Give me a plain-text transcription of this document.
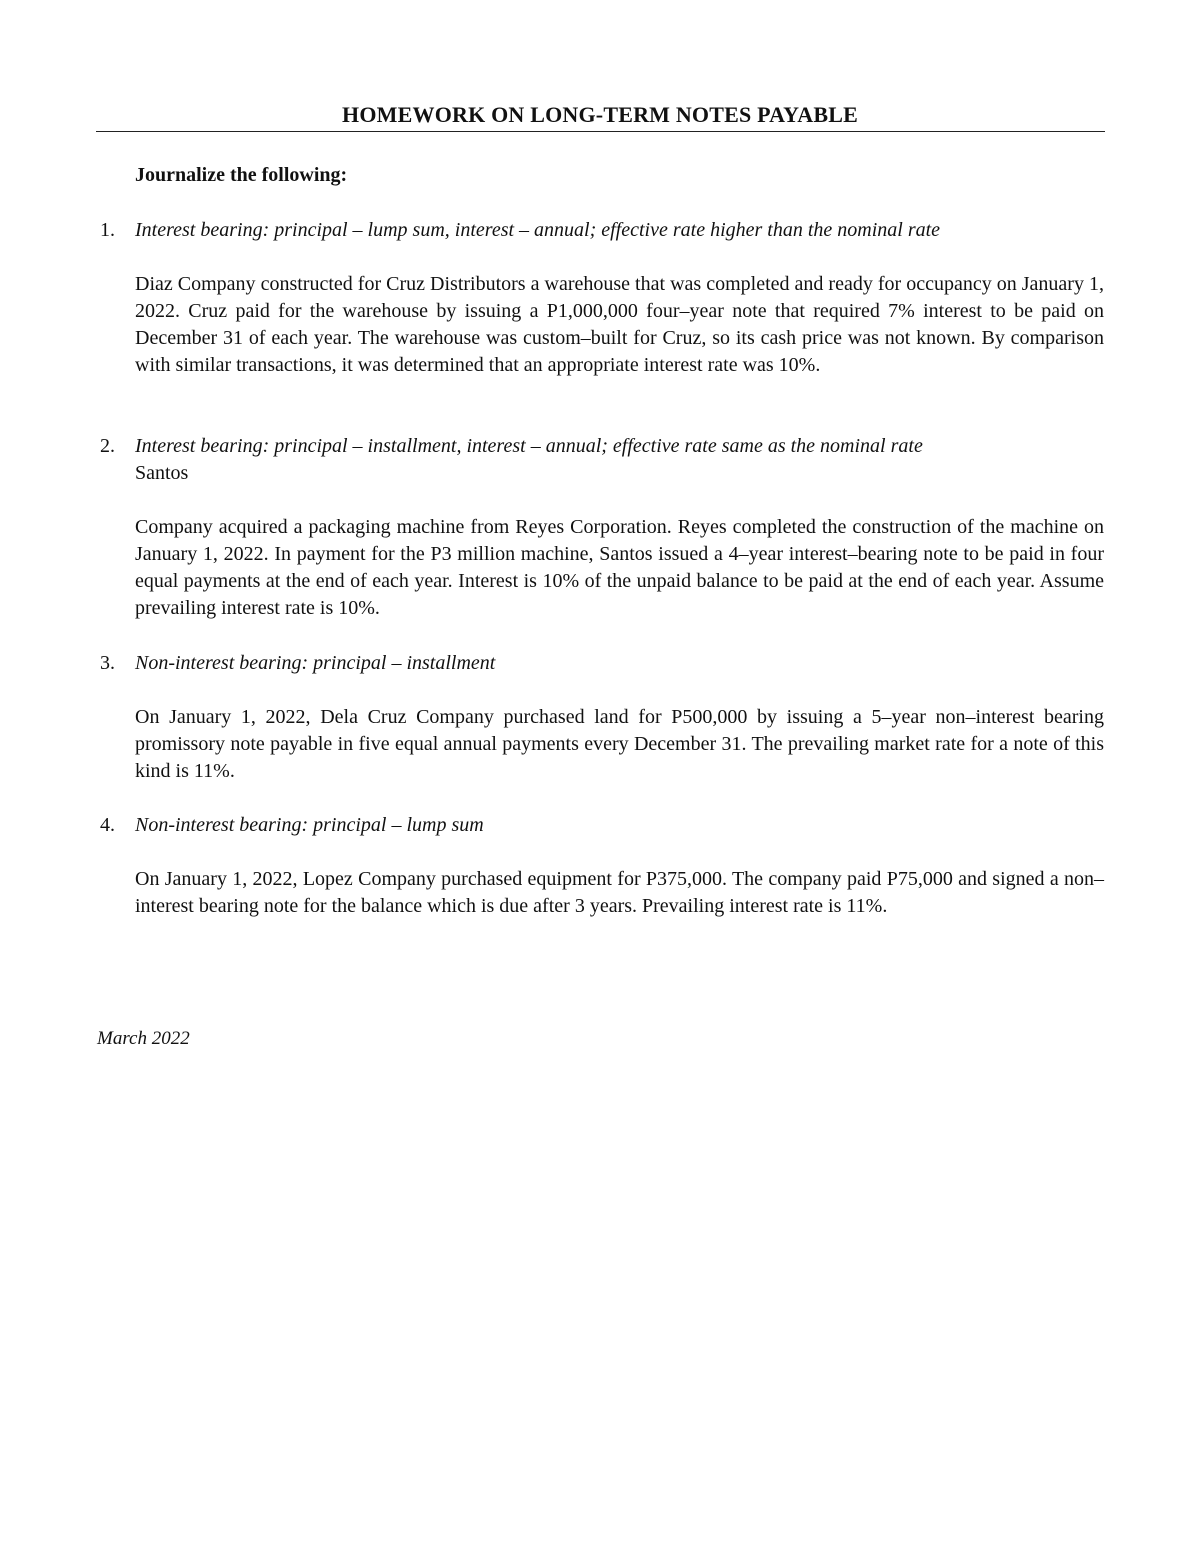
HOMEWORK ON LONG-TERM NOTES PAYABLE
Journalize the following:
1. Interest bearing: principal – lump sum, interest – annual; effective rate higher than the nominal rate
Diaz Company constructed for Cruz Distributors a warehouse that was completed and ready for occupancy on January 1, 2022. Cruz paid for the warehouse by issuing a P1,000,000 four–year note that required 7% interest to be paid on December 31 of each year. The warehouse was custom–built for Cruz, so its cash price was not known. By comparison with similar transactions, it was determined that an appropriate interest rate was 10%.
2. Interest bearing: principal – installment, interest – annual; effective rate same as the nominal rate
Santos
Company acquired a packaging machine from Reyes Corporation. Reyes completed the construction of the machine on January 1, 2022. In payment for the P3 million machine, Santos issued a 4–year interest–bearing note to be paid in four equal payments at the end of each year. Interest is 10% of the unpaid balance to be paid at the end of each year. Assume prevailing interest rate is 10%.
3. Non-interest bearing: principal – installment
On January 1, 2022, Dela Cruz Company purchased land for P500,000 by issuing a 5–year non–interest bearing promissory note payable in five equal annual payments every December 31. The prevailing market rate for a note of this kind is 11%.
4. Non-interest bearing: principal – lump sum
On January 1, 2022, Lopez Company purchased equipment for P375,000. The company paid P75,000 and signed a non–interest bearing note for the balance which is due after 3 years. Prevailing interest rate is 11%.
March 2022
